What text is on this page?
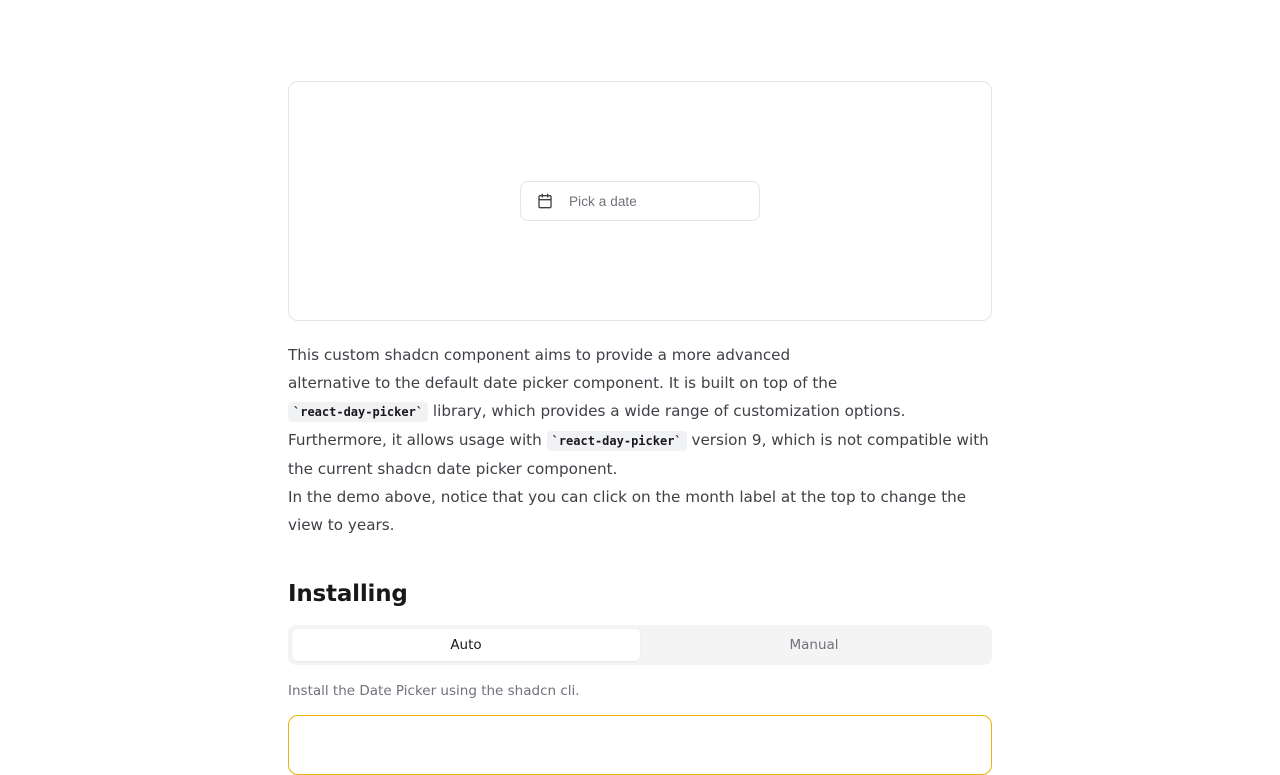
Pick a date

This custom shadcn component aims to provide a more advanced
alternative to the default date picker component. It is built on top of the
`react-day-picker` library, which provides a wide range of customization options.
Furthermore, it allows usage with `react-day-picker` version 9, which is not compatible with the current shadcn date picker component.
In the demo above, notice that you can click on the month label at the top to change the view to years.

Installing
Auto	Manual
Install the Date Picker using the shadcn cli.
